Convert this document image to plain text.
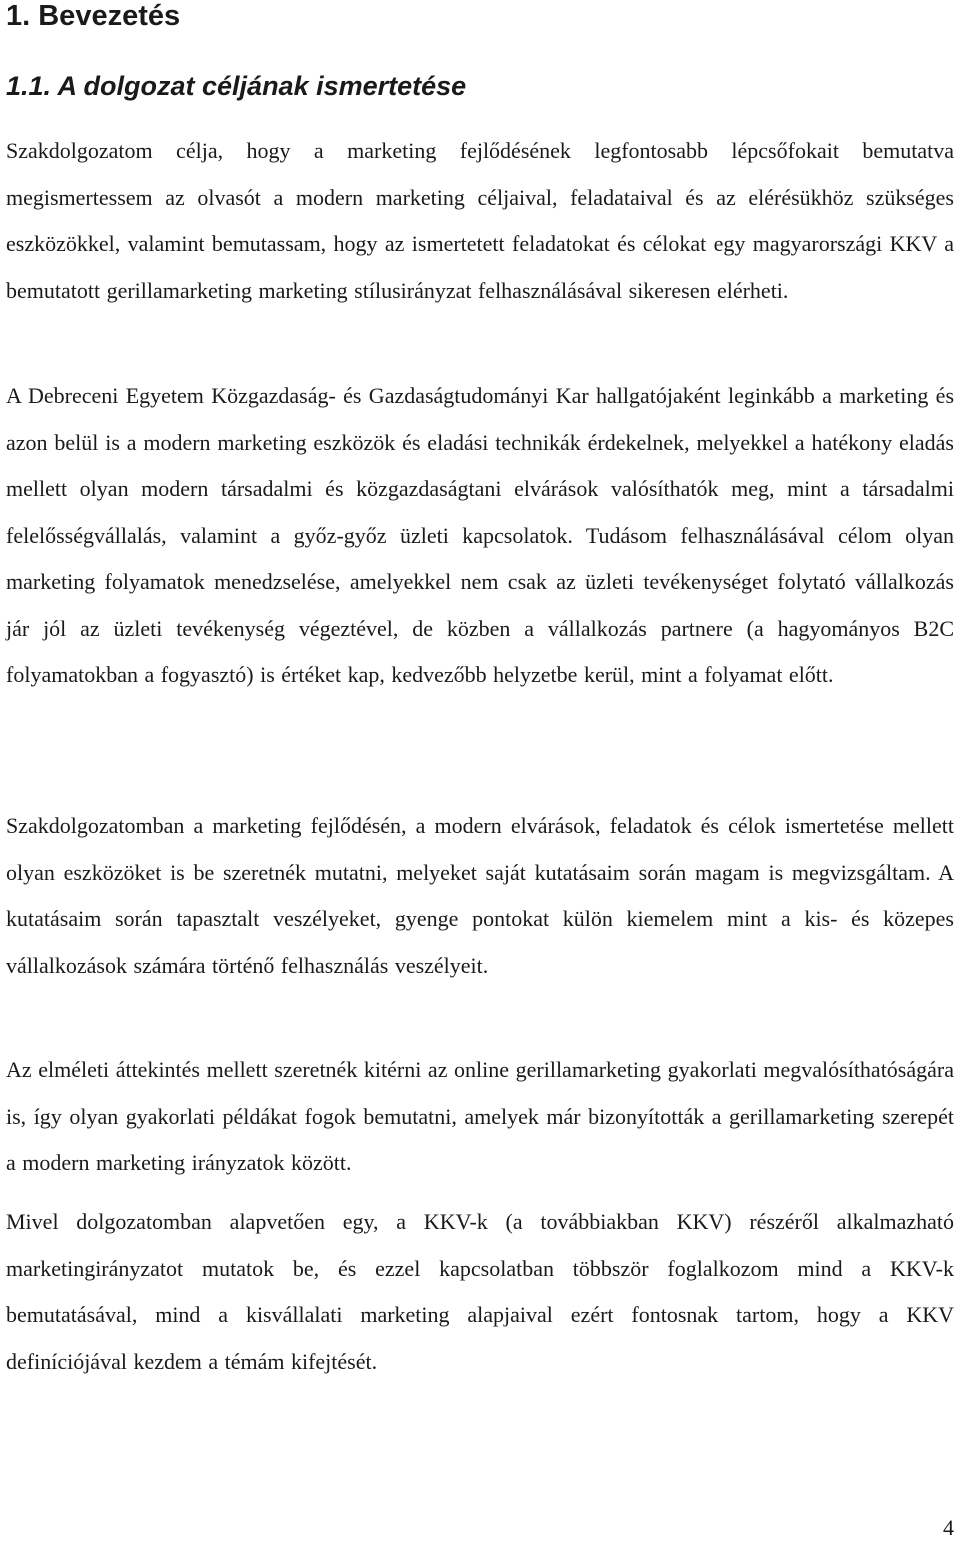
1. Bevezetés
1.1. A dolgozat céljának ismertetése

Szakdolgozatom célja, hogy a marketing fejlődésének legfontosabb lépcsőfokait bemutatva megismertessem az olvasót a modern marketing céljaival, feladataival és az elérésükhöz szükséges eszközökkel, valamint bemutassam, hogy az ismertetett feladatokat és célokat egy magyarországi KKV a bemutatott gerillamarketing marketing stílusirányzat felhasználásával sikeresen elérheti.

A Debreceni Egyetem Közgazdaság- és Gazdaságtudományi Kar hallgatójaként leginkább a marketing és azon belül is a modern marketing eszközök és eladási technikák érdekelnek, melyekkel a hatékony eladás mellett olyan modern társadalmi és közgazdaságtani elvárások valósíthatók meg, mint a társadalmi felelősségvállalás, valamint a győz-győz üzleti kapcsolatok. Tudásom felhasználásával célom olyan marketing folyamatok menedzselése, amelyekkel nem csak az üzleti tevékenységet folytató vállalkozás jár jól az üzleti tevékenység végeztével, de közben a vállalkozás partnere (a hagyományos B2C folyamatokban a fogyasztó) is értéket kap, kedvezőbb helyzetbe kerül, mint a folyamat előtt.

Szakdolgozatomban a marketing fejlődésén, a modern elvárások, feladatok és célok ismertetése mellett olyan eszközöket is be szeretnék mutatni, melyeket saját kutatásaim során magam is megvizsgáltam. A kutatásaim során tapasztalt veszélyeket, gyenge pontokat külön kiemelem mint a kis- és közepes vállalkozások számára történő felhasználás veszélyeit.

Az elméleti áttekintés mellett szeretnék kitérni az online gerillamarketing gyakorlati megvalósíthatóságára is, így olyan gyakorlati példákat fogok bemutatni, amelyek már bizonyították a gerillamarketing szerepét a modern marketing irányzatok között.

Mivel dolgozatomban alapvetően egy, a KKV-k (a továbbiakban KKV) részéről alkalmazható marketingirányzatot mutatok be, és ezzel kapcsolatban többször foglalkozom mind a KKV-k bemutatásával, mind a kisvállalati marketing alapjaival ezért fontosnak tartom, hogy a KKV definíciójával kezdem a témám kifejtését.

4
